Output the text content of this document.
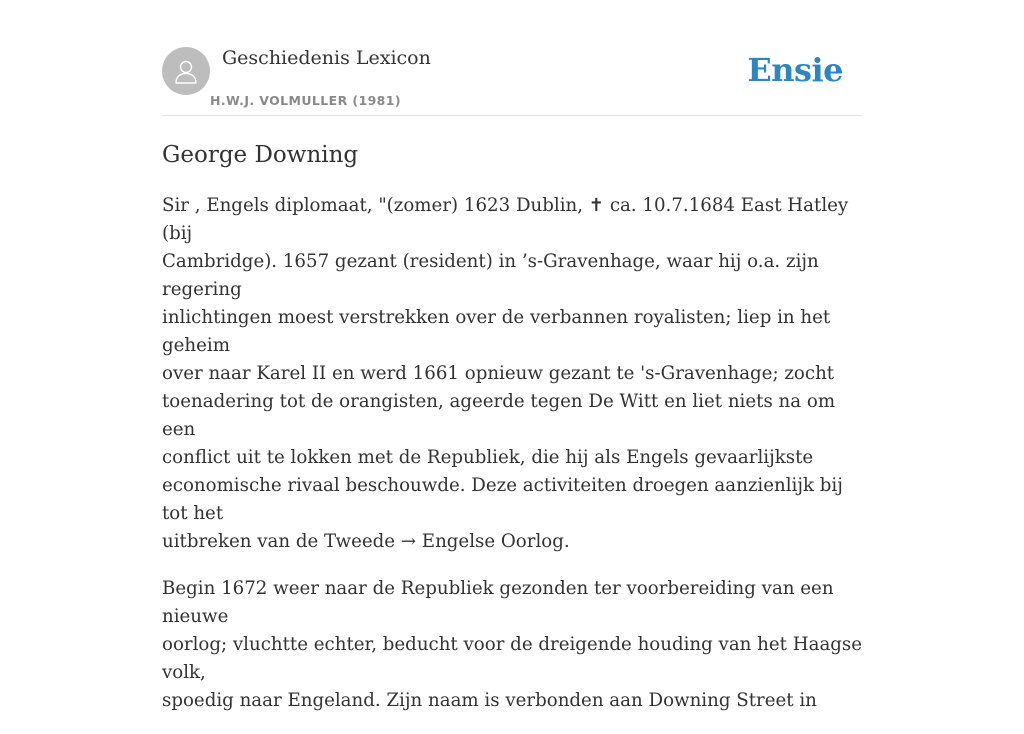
Geschiedenis Lexicon
H.W.J. VOLMULLER (1981)
Ensie
George Downing

Sir , Engels diplomaat, "(zomer) 1623 Dublin, ✝ ca. 10.7.1684 East Hatley (bij
Cambridge). 1657 gezant (resident) in ’s-Gravenhage, waar hij o.a. zijn regering
inlichtingen moest verstrekken over de verbannen royalisten; liep in het geheim
over naar Karel II en werd 1661 opnieuw gezant te 's-Gravenhage; zocht
toenadering tot de orangisten, ageerde tegen De Witt en liet niets na om een
conflict uit te lokken met de Republiek, die hij als Engels gevaarlijkste
economische rivaal beschouwde. Deze activiteiten droegen aanzienlijk bij tot het
uitbreken van de Tweede → Engelse Oorlog.

Begin 1672 weer naar de Republiek gezonden ter voorbereiding van een nieuwe
oorlog; vluchtte echter, beducht voor de dreigende houding van het Haagse volk,
spoedig naar Engeland. Zijn naam is verbonden aan Downing Street in
